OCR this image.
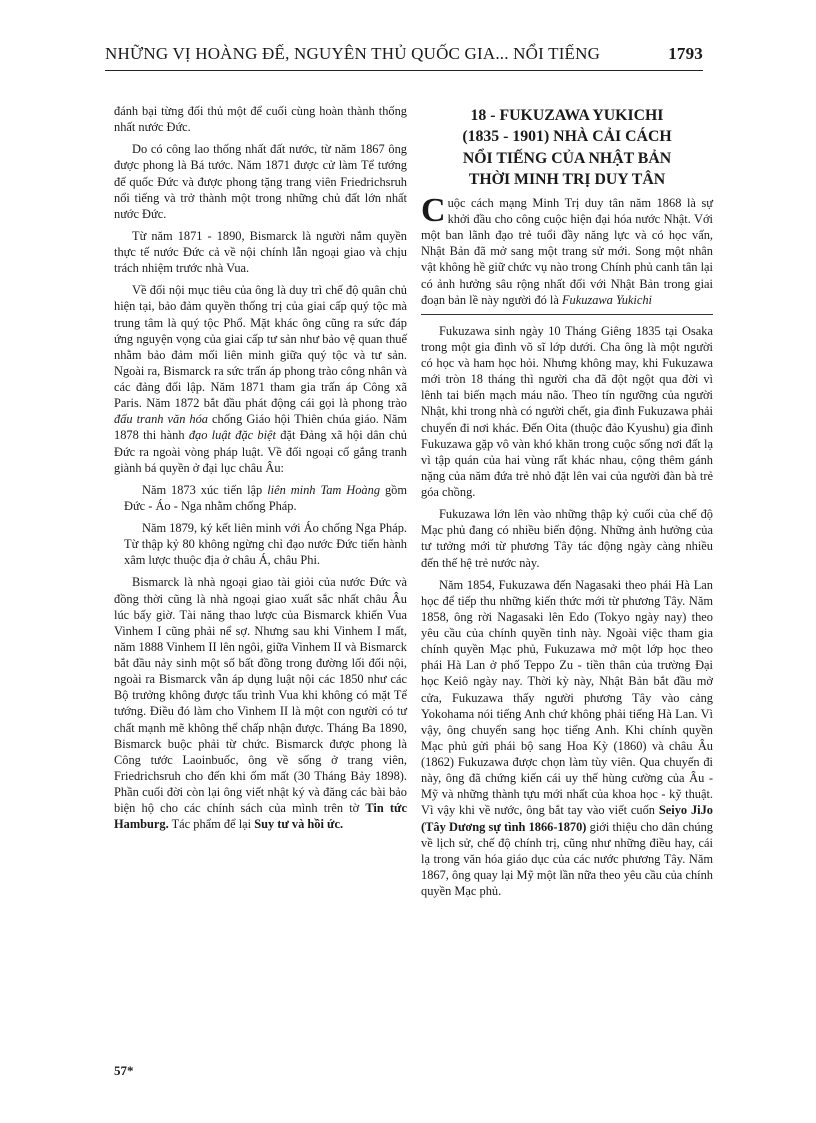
NHỮNG VỊ HOÀNG ĐẾ, NGUYÊN THỦ QUỐC GIA... NỔI TIẾNG	1793

đánh bại từng đối thủ một để cuối cùng hoàn thành thống nhất nước Đức.

Do có công lao thống nhất đất nước, từ năm 1867 ông được phong là Bá tước. Năm 1871 được cử làm Tể tướng đế quốc Đức và được phong tặng trang viên Friedrichsruh nổi tiếng và trở thành một trong những chủ đất lớn nhất nước Đức.

Từ năm 1871 - 1890, Bismarck là người nắm quyền thực tế nước Đức cả về nội chính lẫn ngoại giao và chịu trách nhiệm trước nhà Vua.

Về đối nội mục tiêu của ông là duy trì chế độ quân chủ hiện tại, bảo đảm quyền thống trị của giai cấp quý tộc mà trung tâm là quý tộc Phổ. Mặt khác ông cũng ra sức đáp ứng nguyện vọng của giai cấp tư sản như bảo vệ quan thuế nhằm bảo đảm mối liên minh giữa quý tộc và tư sản. Ngoài ra, Bismarck ra sức trấn áp phong trào công nhân và các đảng đối lập. Năm 1871 tham gia trấn áp Công xã Paris. Năm 1872 bắt đầu phát động cái gọi là phong trào đấu tranh văn hóa chống Giáo hội Thiên chúa giáo. Năm 1878 thi hành đạo luật đặc biệt đặt Đảng xã hội dân chủ Đức ra ngoài vòng pháp luật. Về đối ngoại cố gắng tranh giành bá quyền ở đại lục châu Âu:

Năm 1873 xúc tiến lập liên minh Tam Hoàng gồm Đức - Áo - Nga nhằm chống Pháp.

Năm 1879, ký kết liên minh với Áo chống Nga Pháp. Từ thập kỷ 80 không ngừng chỉ đạo nước Đức tiến hành xâm lược thuộc địa ở châu Á, châu Phi.

Bismarck là nhà ngoại giao tài giỏi của nước Đức và đồng thời cũng là nhà ngoại giao xuất sắc nhất châu Âu lúc bấy giờ. Tài năng thao lược của Bismarck khiến Vua Vinhem I cũng phải nể sợ. Nhưng sau khi Vinhem I mất, năm 1888 Vinhem II lên ngôi, giữa Vinhem II và Bismarck bắt đầu nảy sinh một số bất đồng trong đường lối đối nội, ngoài ra Bismarck vẫn áp dụng luật nội các 1850 như các Bộ trưởng không được tấu trình Vua khi không có mặt Tể tướng. Điều đó làm cho Vinhem II là một con người có tư chất mạnh mẽ không thể chấp nhận được. Tháng Ba 1890, Bismarck buộc phải từ chức. Bismarck được phong là Công tước Laoinbuốc, ông về sống ở trang viên, Friedrichsruh cho đến khi ốm mất (30 Tháng Bảy 1898). Phần cuối đời còn lại ông viết nhật ký và đăng các bài bảo biện hộ cho các chính sách của mình trên tờ Tin tức Hamburg. Tác phẩm để lại Suy tư và hồi ức.

18 - FUKUZAWA YUKICHI
(1835 - 1901) NHÀ CẢI CÁCH
NỔI TIẾNG CỦA NHẬT BẢN
THỜI MINH TRỊ DUY TÂN

Cuộc cách mạng Minh Trị duy tân năm 1868 là sự khởi đầu cho công cuộc hiện đại hóa nước Nhật. Với một ban lãnh đạo trẻ tuổi đầy năng lực và có học vấn, Nhật Bản đã mở sang một trang sử mới. Song một nhân vật không hề giữ chức vụ nào trong Chính phủ canh tân lại có ảnh hưởng sâu rộng nhất đối với Nhật Bản trong giai đoạn bản lề này người đó là Fukuzawa Yukichi

Fukuzawa sinh ngày 10 Tháng Giêng 1835 tại Osaka trong một gia đình võ sĩ lớp dưới. Cha ông là một người có học và ham học hỏi. Nhưng không may, khi Fukuzawa mới tròn 18 tháng thì người cha đã đột ngột qua đời vì lênh tai biến mạch máu não. Theo tín ngưỡng của người Nhật, khi trong nhà có người chết, gia đình Fukuzawa phải chuyển đi nơi khác. Đến Oita (thuộc đảo Kyushu) gia đình Fukuzawa gặp vô vàn khó khăn trong cuộc sống nơi đất lạ vì tập quán của hai vùng rất khác nhau, cộng thêm gánh nặng của năm đứa trẻ nhỏ đặt lên vai của người đàn bà trẻ góa chồng.

Fukuzawa lớn lên vào những thập kỷ cuối của chế độ Mạc phủ đang có nhiều biến động. Những ảnh hưởng của tư tưởng mới từ phương Tây tác động ngày càng nhiều đến thế hệ trẻ nước này.

Năm 1854, Fukuzawa đến Nagasaki theo phái Hà Lan học để tiếp thu những kiến thức mới từ phương Tây. Năm 1858, ông rời Nagasaki lên Edo (Tokyo ngày nay) theo yêu cầu của chính quyền tỉnh này. Ngoài việc tham gia chính quyền Mạc phủ, Fukuzawa mở một lớp học theo phái Hà Lan ở phố Teppo Zu - tiền thân của trường Đại học Keiô ngày nay. Thời kỳ này, Nhật Bản bắt đầu mở cửa, Fukuzawa thấy người phương Tây vào cảng Yokohama nói tiếng Anh chứ không phải tiếng Hà Lan. Vì vậy, ông chuyển sang học tiếng Anh. Khi chính quyền Mạc phủ gửi phái bộ sang Hoa Kỳ (1860) và châu Âu (1862) Fukuzawa được chọn làm tùy viên. Qua chuyến đi này, ông đã chứng kiến cái uy thế hùng cường của Âu - Mỹ và những thành tựu mới nhất của khoa học - kỹ thuật. Vì vậy khi về nước, ông bắt tay vào viết cuốn Seiyo JiJo (Tây Dương sự tình 1866-1870) giới thiệu cho dân chúng về lịch sử, chế độ chính trị, cũng như những điều hay, cái lạ trong văn hóa giáo dục của các nước phương Tây. Năm 1867, ông quay lại Mỹ một lần nữa theo yêu cầu của chính quyền Mạc phủ.

57*
